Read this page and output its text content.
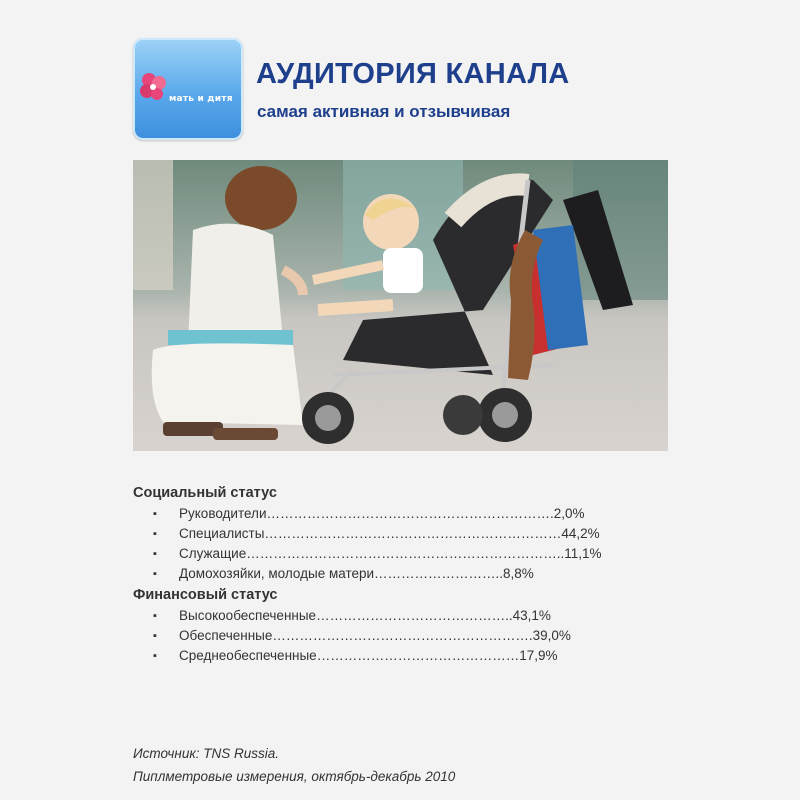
мать и дитя
АУДИТОРИЯ КАНАЛА
самая активная и отзывчивая
Социальный статус
▪ Руководители……………………………………………………….2,0%
▪ Специалисты…………………………………………………………44,2%
▪ Служащие……………………………………………………………..11,1%
▪ Домохозяйки, молодые матери………………………..8,8%
Финансовый статус
▪ Высокообеспеченные……………………………………..43,1%
▪ Обеспеченные………………………………………………….39,0%
▪ Среднеобеспеченные………………………………………17,9%
Источник: TNS Russia.
Пиплметровые измерения, октябрь-декабрь 2010
